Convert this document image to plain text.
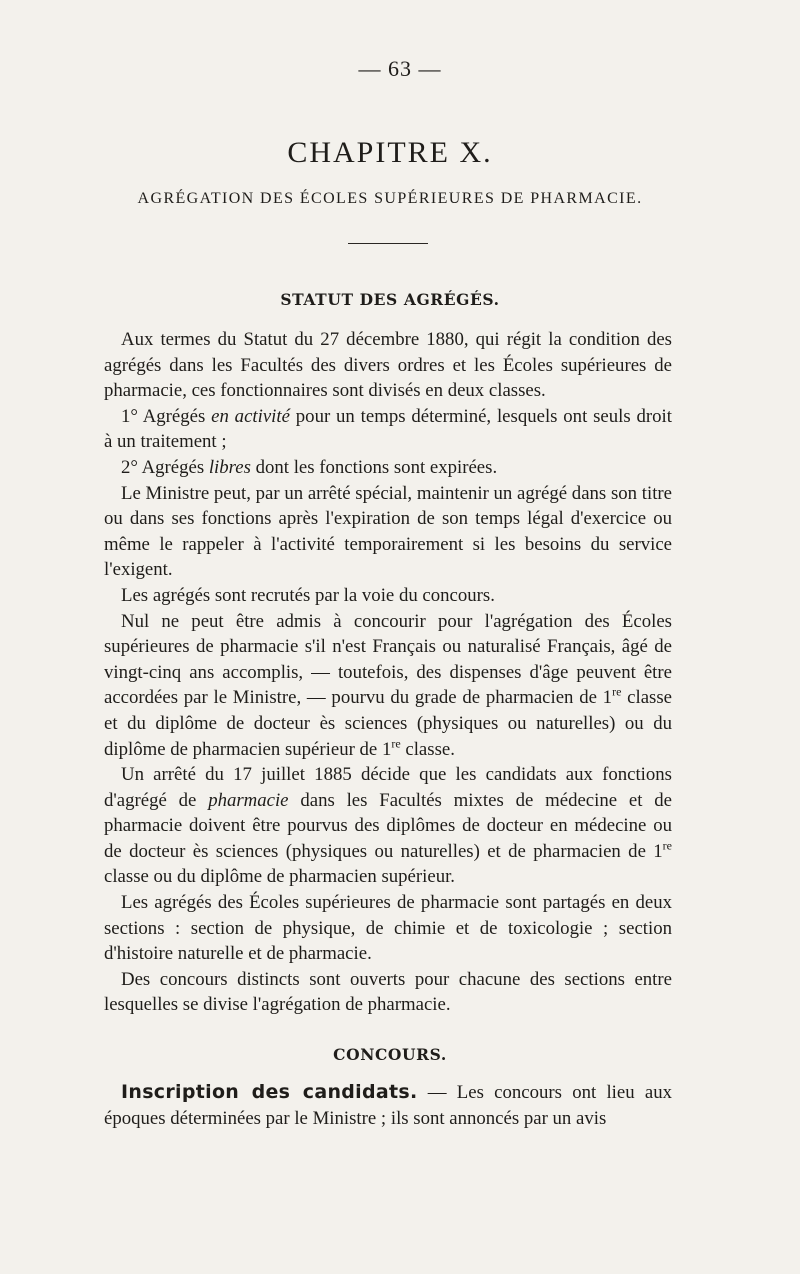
— 63 —
CHAPITRE X.
AGRÉGATION DES ÉCOLES SUPÉRIEURES DE PHARMACIE.
STATUT DES AGRÉGÉS.

Aux termes du Statut du 27 décembre 1880, qui régit la condition des agrégés dans les Facultés des divers ordres et les Écoles supérieures de pharmacie, ces fonctionnaires sont divisés en deux classes.

1° Agrégés en activité pour un temps déterminé, lesquels ont seuls droit à un traitement ;

2° Agrégés libres dont les fonctions sont expirées.

Le Ministre peut, par un arrêté spécial, maintenir un agrégé dans son titre ou dans ses fonctions après l'expiration de son temps légal d'exercice ou même le rappeler à l'activité temporairement si les besoins du service l'exigent.

Les agrégés sont recrutés par la voie du concours.

Nul ne peut être admis à concourir pour l'agrégation des Écoles supérieures de pharmacie s'il n'est Français ou naturalisé Français, âgé de vingt-cinq ans accomplis, — toutefois, des dispenses d'âge peuvent être accordées par le Ministre, — pourvu du grade de pharmacien de 1re classe et du diplôme de docteur ès sciences (physiques ou naturelles) ou du diplôme de pharmacien supérieur de 1re classe.

Un arrêté du 17 juillet 1885 décide que les candidats aux fonctions d'agrégé de pharmacie dans les Facultés mixtes de médecine et de pharmacie doivent être pourvus des diplômes de docteur en médecine ou de docteur ès sciences (physiques ou naturelles) et de pharmacien de 1re classe ou du diplôme de pharmacien supérieur.

Les agrégés des Écoles supérieures de pharmacie sont partagés en deux sections : section de physique, de chimie et de toxicologie ; section d'histoire naturelle et de pharmacie.

Des concours distincts sont ouverts pour chacune des sections entre lesquelles se divise l'agrégation de pharmacie.

CONCOURS.
Inscription des candidats. — Les concours ont lieu aux époques déterminées par le Ministre ; ils sont annoncés par un avis
